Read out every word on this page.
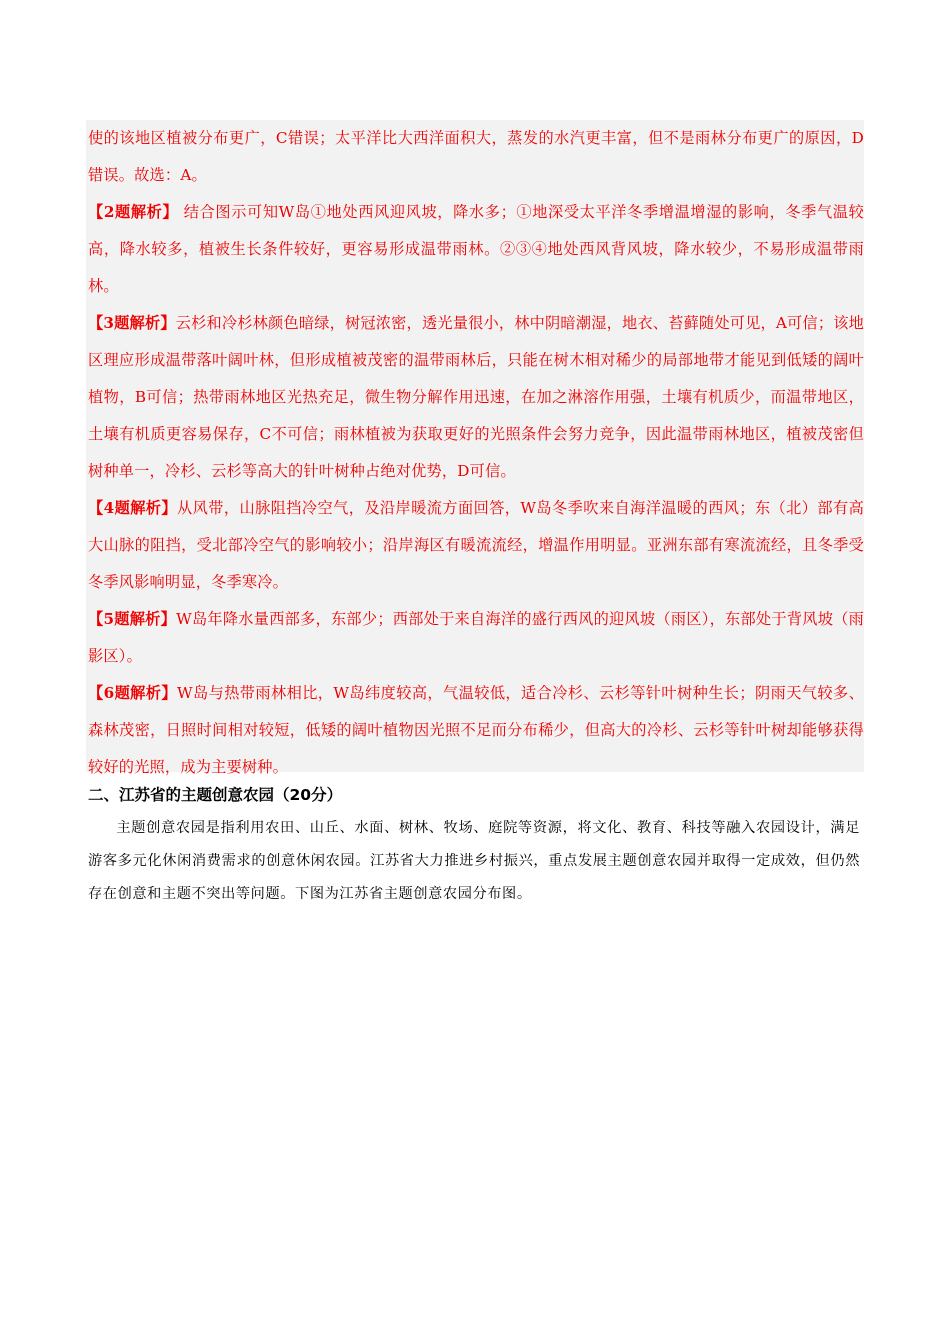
使的该地区植被分布更广，C错误；太平洋比大西洋面积大，蒸发的水汽更丰富，但不是雨林分布更广的原因，D错误。故选：A。

【2题解析】 结合图示可知W岛①地处西风迎风坡，降水多；①地深受太平洋冬季增温增湿的影响，冬季气温较高，降水较多，植被生长条件较好，更容易形成温带雨林。②③④地处西风背风坡，降水较少，不易形成温带雨林。

【3题解析】云杉和冷杉林颜色暗绿，树冠浓密，透光量很小，林中阴暗潮湿，地衣、苔藓随处可见，A可信；该地区理应形成温带落叶阔叶林，但形成植被茂密的温带雨林后，只能在树木相对稀少的局部地带才能见到低矮的阔叶植物，B可信；热带雨林地区光热充足，微生物分解作用迅速，在加之淋溶作用强，土壤有机质少，而温带地区，土壤有机质更容易保存，C不可信；雨林植被为获取更好的光照条件会努力竞争，因此温带雨林地区，植被茂密但树种单一，冷杉、云杉等高大的针叶树种占绝对优势，D可信。

【4题解析】从风带，山脉阻挡冷空气，及沿岸暖流方面回答，W岛冬季吹来自海洋温暖的西风；东（北）部有高大山脉的阻挡，受北部冷空气的影响较小；沿岸海区有暖流流经，增温作用明显。亚洲东部有寒流流经，且冬季受冬季风影响明显，冬季寒冷。

【5题解析】W岛年降水量西部多，东部少；西部处于来自海洋的盛行西风的迎风坡（雨区），东部处于背风坡（雨影区）。

【6题解析】W岛与热带雨林相比，W岛纬度较高，气温较低，适合冷杉、云杉等针叶树种生长；阴雨天气较多、森林茂密，日照时间相对较短，低矮的阔叶植物因光照不足而分布稀少，但高大的冷杉、云杉等针叶树却能够获得较好的光照，成为主要树种。

二、江苏省的主题创意农园（20分）

主题创意农园是指利用农田、山丘、水面、树林、牧场、庭院等资源，将文化、教育、科技等融入农园设计，满足游客多元化休闲消费需求的创意休闲农园。江苏省大力推进乡村振兴，重点发展主题创意农园并取得一定成效，但仍然存在创意和主题不突出等问题。下图为江苏省主题创意农园分布图。
